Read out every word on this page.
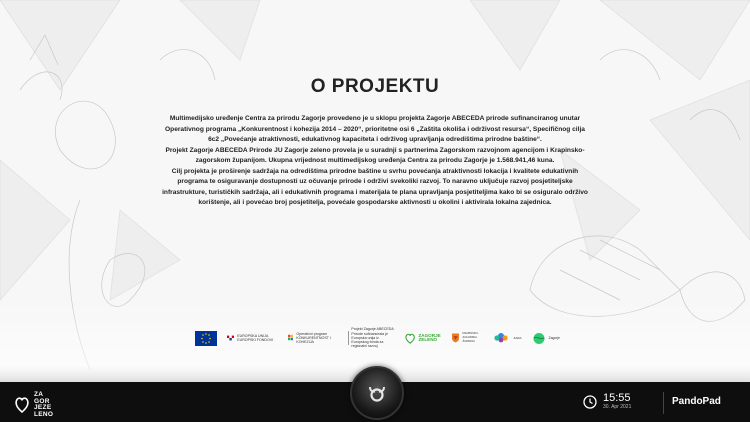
O PROJEKTU

Multimedijsko uređenje Centra za prirodu Zagorje provedeno je u sklopu projekta Zagorje ABECEDA prirode sufinanciranog unutar Operativnog programa „Konkurentnost i kohezija 2014 – 2020“, prioritetne osi 6 „Zaštita okoliša i održivost resursa“, Specifičnog cilja 6c2 „Povećanje atraktivnosti, edukativnog kapaciteta i održivog upravljanja odredištima prirodne baštine“.

Projekt Zagorje ABECEDA Prirode JU Zagorje zeleno provela je u suradnji s partnerima Zagorskom razvojnom agencijom i Krapinsko-zagorskom županijom. Ukupna vrijednost multimedijskog uređenja Centra za prirodu Zagorje je 1.568.941,46 kuna.

Cilj projekta je proširenje sadržaja na odredištima prirodne baštine u svrhu povećanja atraktivnosti lokacija i kvalitete edukativnih programa te osiguravanje dostupnosti uz očuvanje prirode i održivi svekoliki razvoj. To naravno uključuje razvoj posjetiteljske infrastrukture, turističkih sadržaja, ali i edukativnih programa i materijala te plana upravljanja posjetiteljima kako bi se osiguralo održivo korištenje, ali i povećao broj posjetitelja, povećale gospodarske aktivnosti u okolini i aktivirala lokalna zajednica.

EUROPSKA UNIJA EUROPSKI FONDOVI
Operativni program KONKURENTNOST I KOHEZIJA
Projekt Zagorje ABECEDA Prirode sufinancirala je Europska unija iz Europskog fonda za regionalni razvoj
ZAGORJE ZELENO
KRAPINSKO-ZAGORSKA ŽUPANIJA
ZARA	Zagorje
ZA
GOR
JEZE
LENO
15:55
30. Apr 2021	PandoPad
